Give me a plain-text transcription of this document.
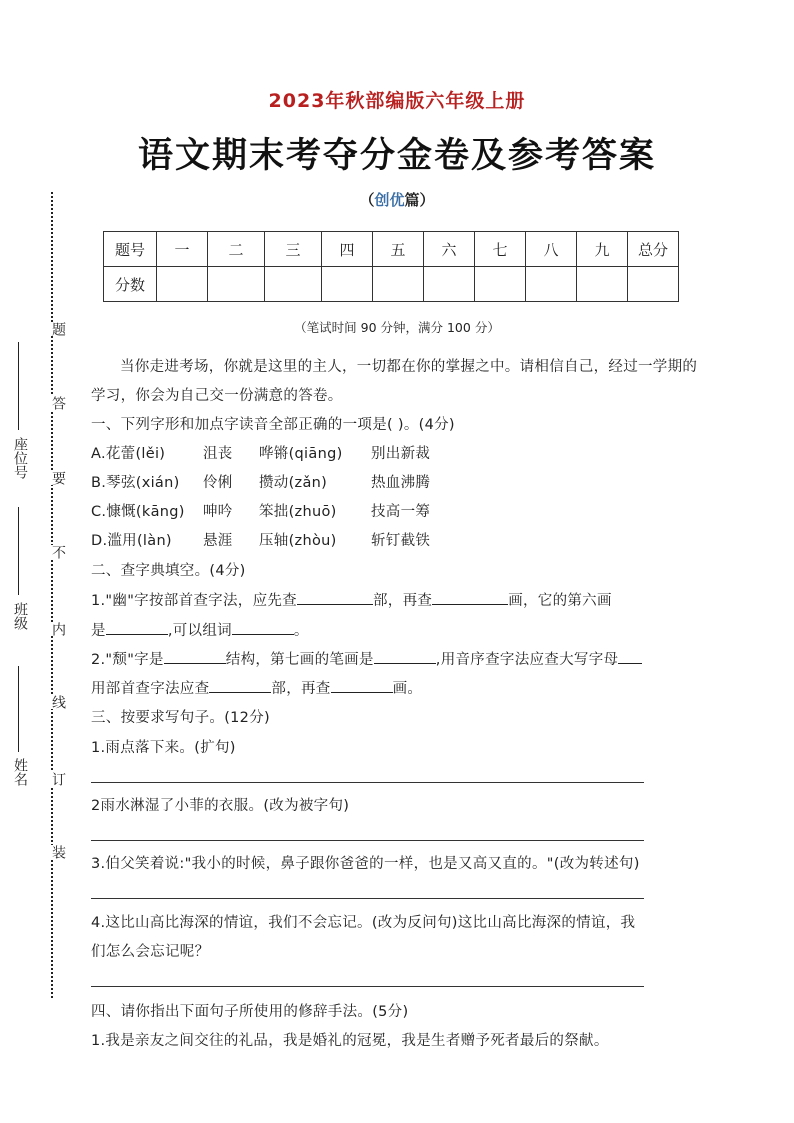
2023年秋部编版六年级上册
语文期末考夺分金卷及参考答案
（创优篇）
题号	一	二	三	四	五	六	七	八	九	总分
分数										
（笔试时间 90 分钟，满分 100 分）
座位号
班级
姓名
题
答
要
不
内
线
订
装
当你走进考场，你就是这里的主人，一切都在你的掌握之中。请相信自己，经过一学期的
学习，你会为自己交一份满意的答卷。
一、下列字形和加点字读音全部正确的一项是( )。(4分)
A.花蕾(lěi)	沮丧 哗锵(qiāng) 别出新裁
B.琴弦(xián) 伶俐 攒动(zǎn)	热血沸腾
C.慷慨(kāng) 呻吟 笨拙(zhuō) 技高一筹
D.滥用(làn) 悬涯 压轴(zhòu) 斩钉截铁
二、查字典填空。(4分)
1."幽"字按部首查字法，应先查	部，再查	画，它的第六画
是	,可以组词	。
2."颓"字是	结构，第七画的笔画是	,用音序查字法应查大写字母
用部首查字法应查	部，再查	画。
三、按要求写句子。(12分)
1.雨点落下来。(扩句)
2雨水淋湿了小菲的衣服。(改为被字句)
3.伯父笑着说:"我小的时候，鼻子跟你爸爸的一样，也是又高又直的。"(改为转述句)
4.这比山高比海深的情谊，我们不会忘记。(改为反问句)这比山高比海深的情谊，我
们怎么会忘记呢？
四、请你指出下面句子所使用的修辞手法。(5分)
1.我是亲友之间交往的礼品，我是婚礼的冠冕，我是生者赠予死者最后的祭献。
